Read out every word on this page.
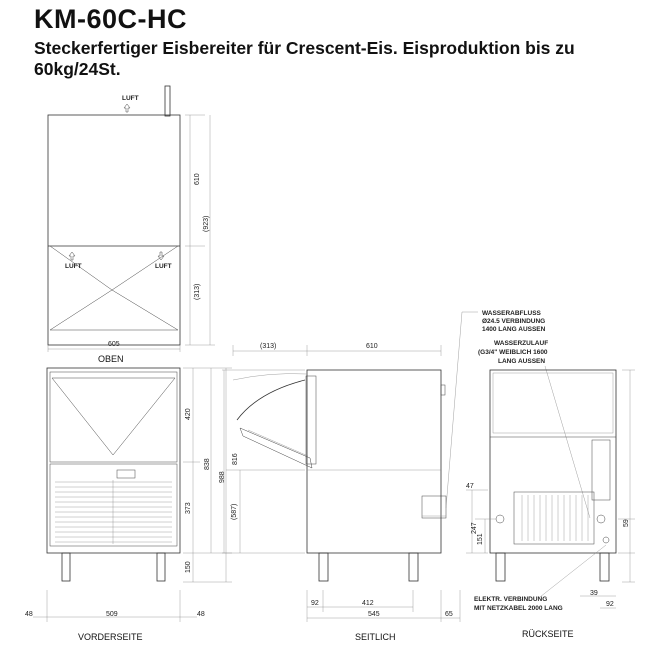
KM-60C-HC

Steckerfertiger Eisbereiter für Crescent-Eis. Eisproduktion bis zu 60kg/24St.

LUFT
LUFT	LUFT
610
(923)
(313)
605
OBEN
420
838
988
373
150
48	509	48
VORDERSEITE
(313)	610
816
(587)
92	412
545	65
SEITLICH
WASSERABFLUSS
Ø24.5 VERBINDUNG
1400 LANG AUSSEN
WASSERZULAUF
(G3/4" WEIBLICH 1600
LANG AUSSEN
47
247
151
59
ELEKTR. VERBINDUNG
MIT NETZKABEL 2000 LANG
39
92
RÜCKSEITE
